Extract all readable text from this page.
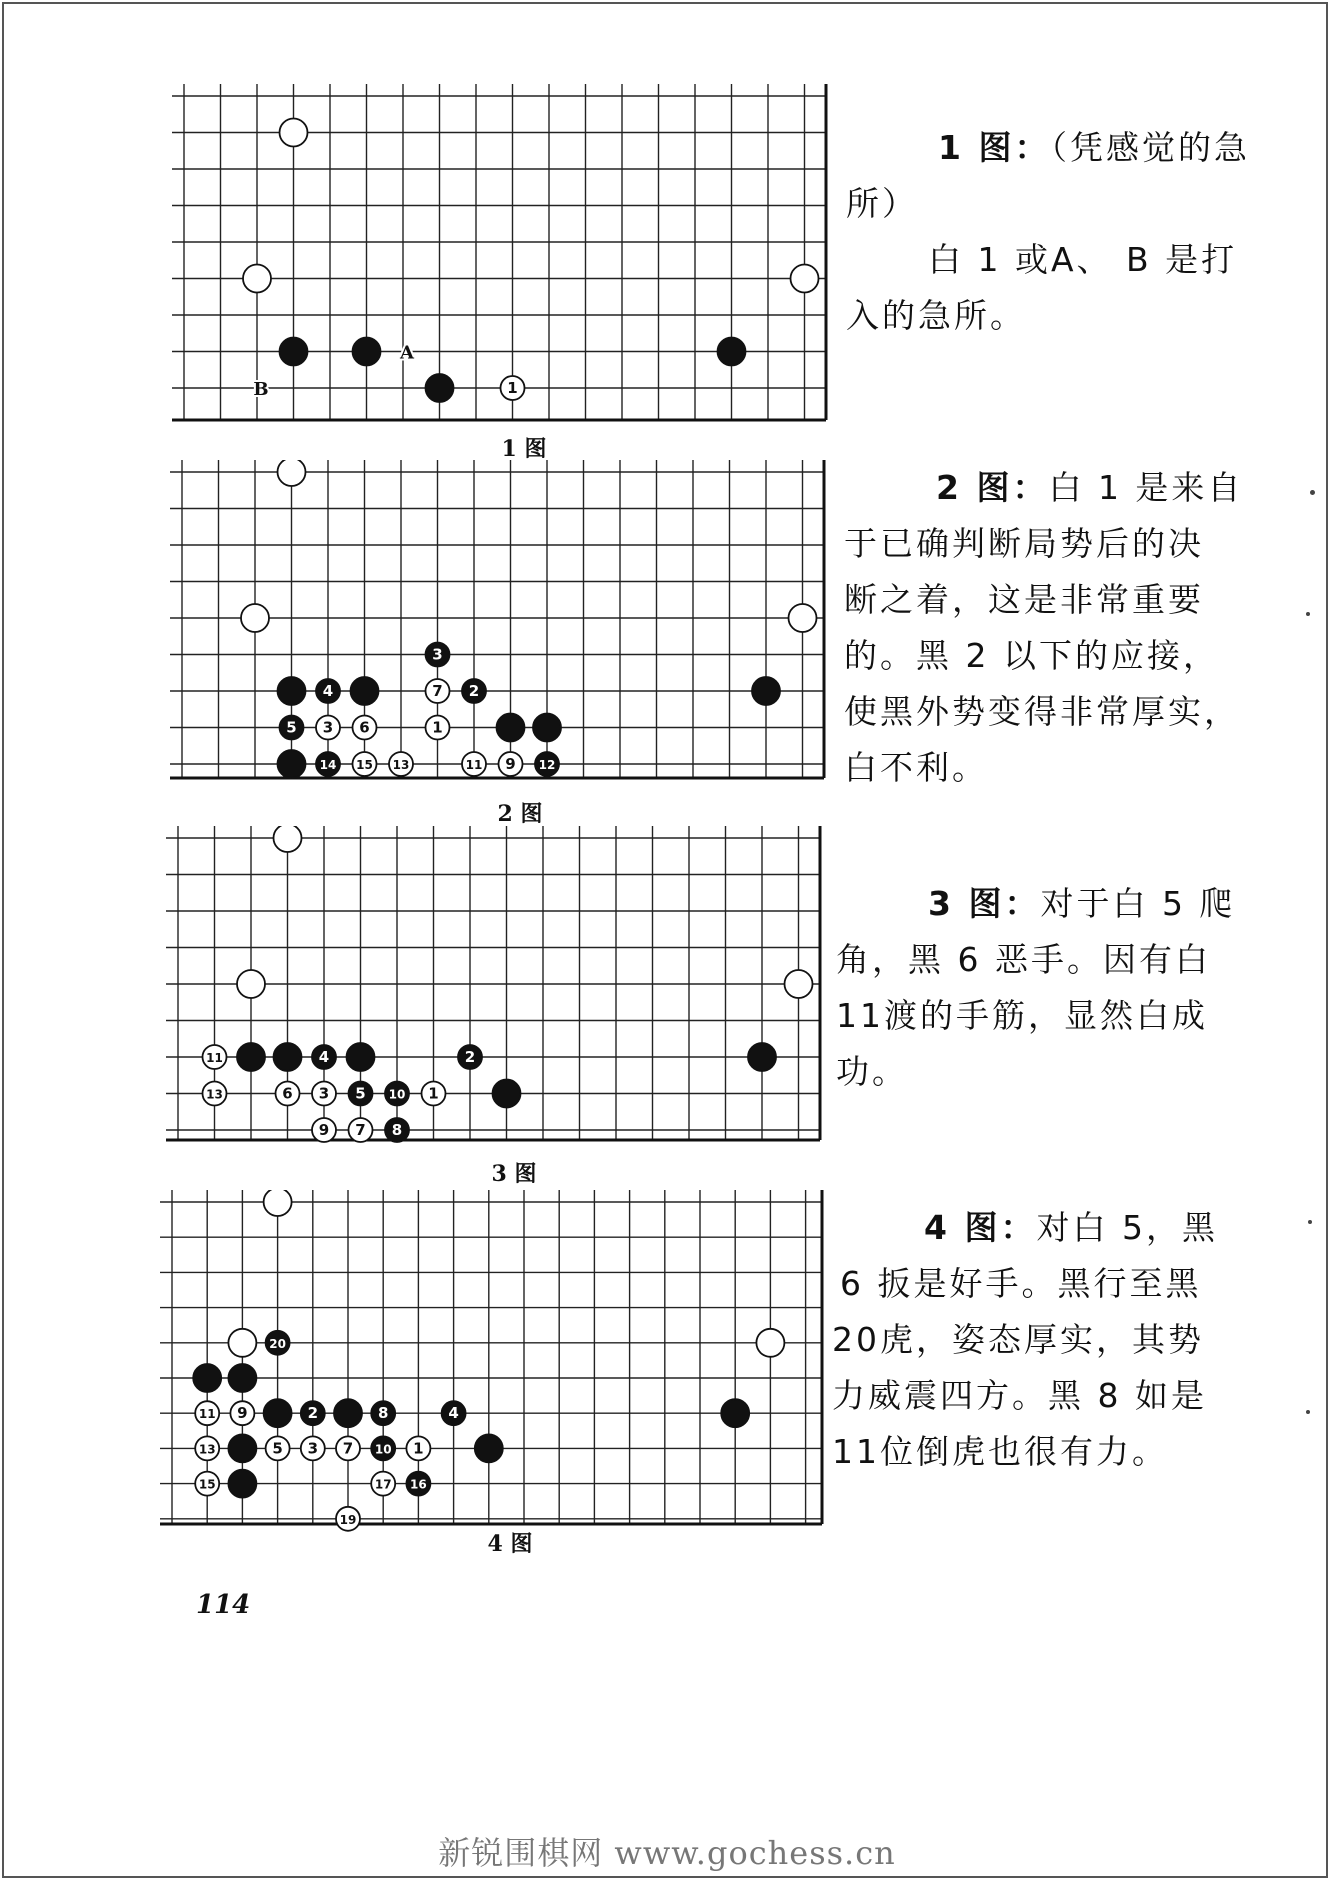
1
A
B
1 图
1 图：（凭感觉的急
所）
白 1 或A、 B 是打
入的急所。
4
3
7 2
5 3 6	1
14 15 13	11 9 12
2 图
2 图：白 1 是来自
于已确判断局势后的决
断之着，这是非常重要
的。黑 2 以下的应接，
使黑外势变得非常厚实，
白不利。
11	4	2
13	6 3 5 10 1
9 7 8
3 图
3 图：对于白 5 爬
角，黑 6 恶手。因有白
11渡的手筋，显然白成
功。
20
11 9	2	8	4
13	5 3 7 10 1
15	17 16
19
4 图
4 图：对白 5，黑
6 扳是好手。黑行至黑
20虎，姿态厚实，其势
力威震四方。黑 8 如是
11位倒虎也很有力。
114
新锐围棋网 www.gochess.cn
